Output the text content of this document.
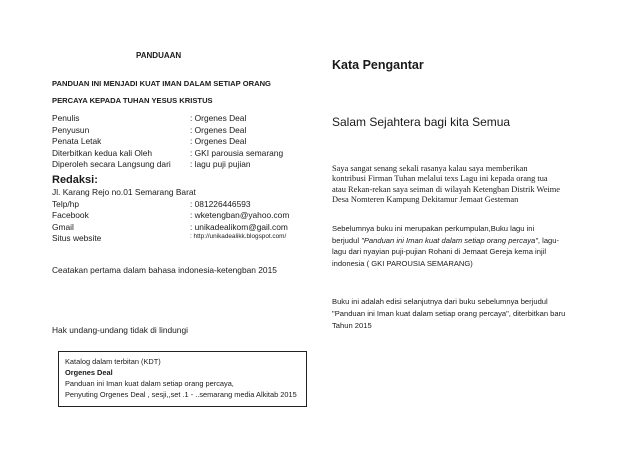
PANDUAAN
PANDUAN INI MENJADI KUAT IMAN DALAM SETIAP ORANG
PERCAYA KEPADA TUHAN YESUS KRISTUS
Penulis	: Orgenes Deal
Penyusun	: Orgenes Deal
Penata Letak	: Orgenes Deal
Diterbitkan kedua kali Oleh	: GKI parousia semarang
Diperoleh secara Langsung dari : lagu puji pujian
Redaksi:
Jl. Karang Rejo no.01 Semarang Barat
Telp/hp	: 081226446593
Facebook	: wketengban@yahoo.com
Gmail	: unikadealikom@gail.com
Situs website	: http://unikadealikk.blogspot.com/
Ceatakan pertama dalam bahasa indonesia-ketengban 2015
Hak undang-undang tidak di lindungi
Katalog dalam terbitan (KDT)
Orgenes Deal
Panduan ini Iman kuat dalam setiap orang percaya,
Penyuting Orgenes Deal , sesji,,set .1 - ..semarang media Alkitab 2015
Kata Pengantar
Salam Sejahtera bagi kita Semua
Saya sangat senang sekali rasanya kalau saya memberikan
kontribusi Firman Tuhan melalui texs Lagu ini kepada orang tua
atau Rekan-rekan saya seiman di wilayah Ketengban Distrik Weime
Desa Nomteren Kampung Dekitamur Jemaat Gesteman
Sebelumnya buku ini merupakan perkumpulan,Buku lagu ini
berjudul "Panduan ini Iman kuat dalam setiap orang percaya", lagu-
lagu dari nyayian puji-pujian Rohani di Jemaat Gereja kema injil
indonesia ( GKI PAROUSIA SEMARANG)
Buku ini adalah edisi selanjutnya dari buku sebelumnya berjudul
"Panduan ini Iman kuat dalam setiap orang percaya", diterbitkan baru
Tahun 2015
